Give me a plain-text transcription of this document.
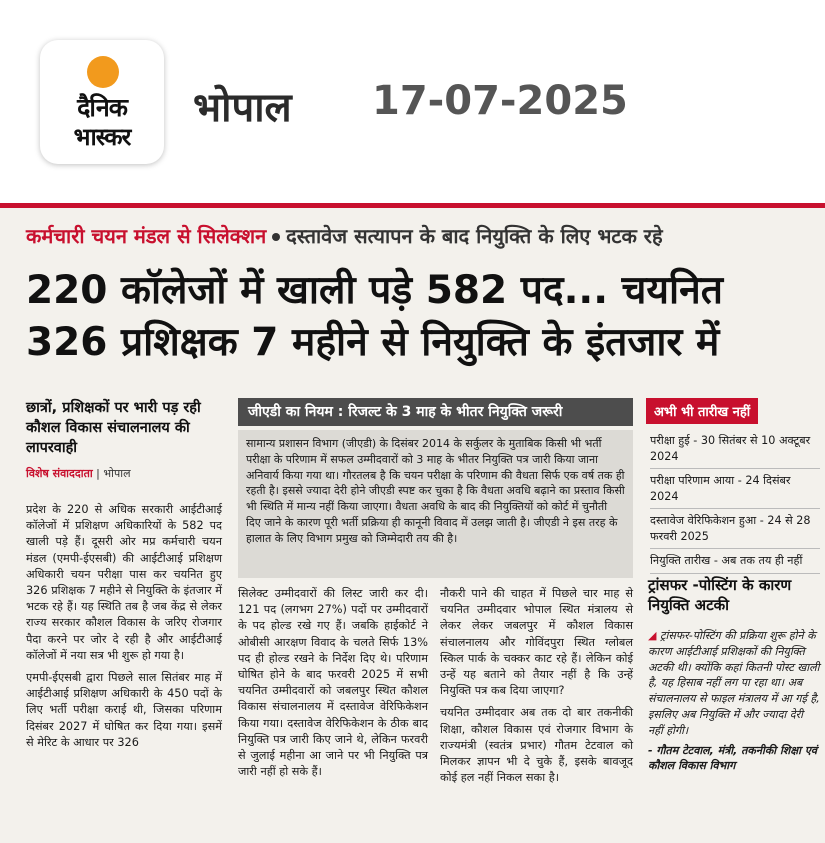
दैनिक
भास्कर
भोपाल 17-07-2025
कर्मचारी चयन मंडल से सिलेक्शन दस्तावेज सत्यापन के बाद नियुक्ति के लिए भटक रहे
220 कॉलेजों में खाली पड़े 582 पद... चयनित
326 प्रशिक्षक 7 महीने से नियुक्ति के इंतजार में
छात्रों, प्रशिक्षकों पर भारी पड़ रही कौशल विकास संचालनालय की लापरवाही
विशेष संवाददाता | भोपाल

प्रदेश के 220 से अधिक सरकारी आईटीआई कॉलेजों में प्रशिक्षण अधिकारियों के 582 पद खाली पड़े हैं। दूसरी ओर मप्र कर्मचारी चयन मंडल (एमपी-ईएसबी) की आईटीआई प्रशिक्षण अधिकारी चयन परीक्षा पास कर चयनित हुए 326 प्रशिक्षक 7 महीने से नियुक्ति के इंतजार में भटक रहे हैं। यह स्थिति तब है जब केंद्र से लेकर राज्य सरकार कौशल विकास के जरिए रोजगार पैदा करने पर जोर दे रही है और आईटीआई कॉलेजों में नया सत्र भी शुरू हो गया है।

एमपी-ईएसबी द्वारा पिछले साल सितंबर माह में आईटीआई प्रशिक्षण अधिकारी के 450 पदों के लिए भर्ती परीक्षा कराई थी, जिसका परिणाम दिसंबर 2027 में घोषित कर दिया गया। इसमें से मेरिट के आधार पर 326

जीएडी का नियम : रिजल्ट के 3 माह के भीतर नियुक्ति जरूरी
सामान्य प्रशासन विभाग (जीएडी) के दिसंबर 2014 के सर्कुलर के मुताबिक किसी भी भर्ती परीक्षा के परिणाम में सफल उम्मीदवारों को 3 माह के भीतर नियुक्ति पत्र जारी किया जाना अनिवार्य किया गया था। गौरतलब है कि चयन परीक्षा के परिणाम की वैधता सिर्फ एक वर्ष तक ही रहती है। इससे ज्यादा देरी होने जीएडी स्पष्ट कर चुका है कि वैधता अवधि बढ़ाने का प्रस्ताव किसी भी स्थिति में मान्य नहीं किया जाएगा। वैधता अवधि के बाद की नियुक्तियों को कोर्ट में चुनौती दिए जाने के कारण पूरी भर्ती प्रक्रिया ही कानूनी विवाद में उलझ जाती है। जीएडी ने इस तरह के हालात के लिए विभाग प्रमुख को जिम्मेदारी तय की है।

सिलेक्ट उम्मीदवारों की लिस्ट जारी कर दी। 121 पद (लगभग 27%) पदों पर उम्मीदवारों के पद होल्ड रखे गए हैं। जबकि हाईकोर्ट ने ओबीसी आरक्षण विवाद के चलते सिर्फ 13% पद ही होल्ड रखने के निर्देश दिए थे। परिणाम घोषित होने के बाद फरवरी 2025 में सभी चयनित उम्मीदवारों को जबलपुर स्थित कौशल विकास संचालनालय में दस्तावेज वेरिफिकेशन किया गया। दस्तावेज वेरिफिकेशन के ठीक बाद नियुक्ति पत्र जारी किए जाने थे, लेकिन फरवरी से जुलाई महीना आ जाने पर भी नियुक्ति पत्र जारी नहीं हो सके हैं।

नौकरी पाने की चाहत में पिछले चार माह से चयनित उम्मीदवार भोपाल स्थित मंत्रालय से लेकर लेकर जबलपुर में कौशल विकास संचालनालय और गोविंदपुरा स्थित ग्लोबल स्किल पार्क के चक्कर काट रहे हैं। लेकिन कोई उन्हें यह बताने को तैयार नहीं है कि उन्हें नियुक्ति पत्र कब दिया जाएगा?

चयनित उम्मीदवार अब तक दो बार तकनीकी शिक्षा, कौशल विकास एवं रोजगार विभाग के राज्यमंत्री (स्वतंत्र प्रभार) गौतम टेटवाल को मिलकर ज्ञापन भी दे चुके हैं, इसके बावजूद कोई हल नहीं निकल सका है।

अभी भी तारीख नहीं
परीक्षा हुई - 30 सितंबर से 10 अक्टूबर 2024
परीक्षा परिणाम आया - 24 दिसंबर 2024
दस्तावेज वेरिफिकेशन हुआ - 24 से 28 फरवरी 2025
नियुक्ति तारीख - अब तक तय ही नहीं
ट्रांसफर -पोस्टिंग के कारण नियुक्ति अटकी
◢ ट्रांसफर-पोस्टिंग की प्रक्रिया शुरू होने के कारण आईटीआई प्रशिक्षकों की नियुक्ति अटकी थी। क्योंकि कहां कितनी पोस्ट खाली है, यह हिसाब नहीं लग पा रहा था। अब संचालनालय से फाइल मंत्रालय में आ गई है, इसलिए अब नियुक्ति में और ज्यादा देरी नहीं होगी।
- गौतम टेटवाल, मंत्री, तकनीकी शिक्षा एवं कौशल विकास विभाग
